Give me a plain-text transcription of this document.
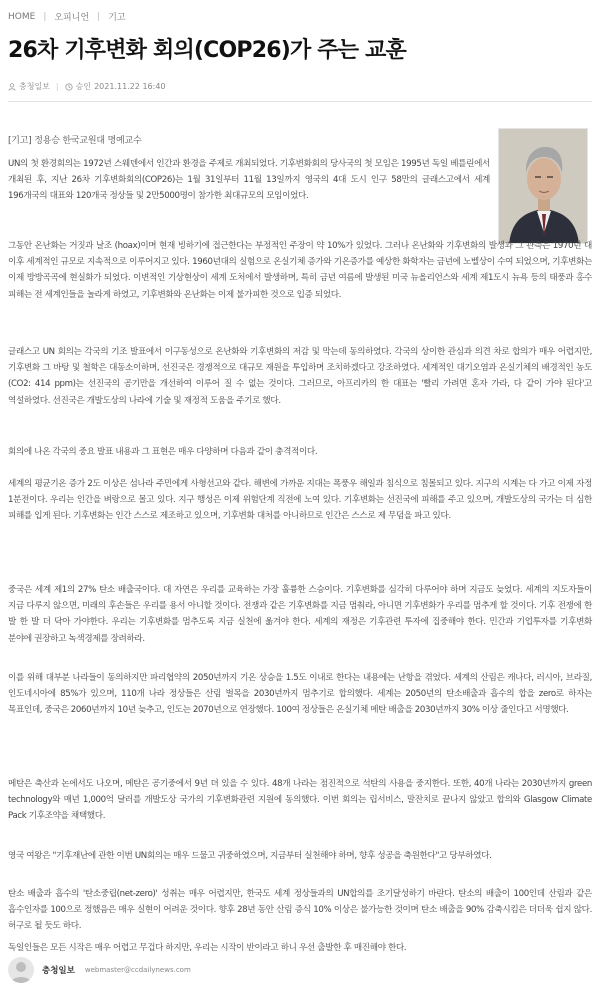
HOME | 오피니언 | 기고
26차 기후변화 회의(COP26)가 주는 교훈
충청일보 | 승인 2021.11.22 16:40
[기고] 정용승 한국교원대 명예교수

UN의 첫 환경회의는 1972년 스웨덴에서 인간과 환경을 주제로 개최되었다. 기후변화회의 당사국의 첫 모임은 1995년 독일 베를린에서 개최된 후, 지난 26차 기후변화회의(COP26)는 1월 31일부터 11월 13일까지 영국의 4대 도시 인구 58만의 글래스고에서 세계 196개국의 대표와 120개국 정상들 및 2만5000명이 참가한 최대규모의 모임이었다.

그동안 온난화는 거짓과 날조 (hoax)이며 현재 빙하기에 접근한다는 부정적인 주장이 약 10%가 있었다. 그러나 온난화와 기후변화의 발생과 그 관측은 1970년 대 이후 세계적인 규모로 지속적으로 이루어지고 있다. 1960년대의 실험으로 온실기체 증가와 기온증가를 예상한 화학자는 금년에 노벨상이 수여 되었으며, 기후변화는 이제 방방곡곡에 현실화가 되었다. 이변적인 기상현상이 세계 도처에서 발생하며, 특히 금년 여름에 발생된 미국 뉴올리언스와 세계 제1도시 뉴욕 등의 태풍과 홍수 피해는 전 세계인들을 놀라게 하였고, 기후변화와 온난화는 이제 불가피한 것으로 입증 되었다.

글래스고 UN 회의는 각국의 기조 발표에서 이구동성으로 온난화와 기후변화의 저감 및 막는데 동의하였다. 각국의 상이한 관심과 의견 차로 합의가 매우 어렵지만, 기후변화 그 바탕 및 철학은 대동소이하며, 선진국은 경쟁적으로 대규모 재원을 투입하며 조치하겠다고 강조하였다. 세계적인 대기오염과 온실기체의 배경적인 농도 (CO2: 414 ppm)는 선진국의 공기만을 개선하여 이루어 질 수 없는 것이다. 그러므로, 아프리카의 한 대표는 '빨리 가려면 혼자 가라, 다 같이 가야 된다'고 역설하였다. 선진국은 개발도상의 나라에 기술 및 재정적 도움을 주기로 했다.

회의에 나온 각국의 중요 발표 내용과 그 표현은 매우 다양하며 다음과 같이 충격적이다.

세계의 평균기온 증가 2도 이상은 섬나라 주민에게 사형선고와 같다. 해변에 가까운 지대는 폭풍우 해일과 침식으로 침몰되고 있다. 지구의 시계는 다 가고 이제 자정 1분전이다. 우리는 인간을 벼랑으로 몰고 있다. 지구 행성은 이제 위험단계 직전에 노여 있다. 기후변화는 선진국에 피해를 주고 있으며, 개발도상의 국가는 더 심한 피해를 입게 된다. 기후변화는 인간 스스로 제조하고 있으며, 기후변화 대처를 아니하므로 인간은 스스로 제 무덤을 파고 있다.

중국은 세계 제1의 27% 탄소 배출국이다. 대 자연은 우리를 교육하는 가장 훌륭한 스승이다. 기후변화를 심각히 다루어야 하며 지금도 늦었다. 세계의 지도자들이 지금 다루지 않으면, 미래의 후손들은 우리를 용서 아니할 것이다. 전쟁과 같은 기후변화를 지금 멈춰라, 아니면 기후변화가 우리를 멈추게 할 것이다. 기후 전쟁에 한 발 한 발 더 닥아 가야한다. 우리는 기후변화를 멈추도록 지금 실천에 옮겨야 한다. 세계의 재정은 기후관련 투자에 집중해야 한다. 민간과 기업투자를 기후변화 분야에 권장하고 녹색경제를 장려하라.

이를 위해 대부분 나라들이 동의하지만 파리협약의 2050년까지 기온 상승을 1.5도 이내로 한다는 내용에는 난항을 겪었다. 세계의 산림은 캐나다, 러시아, 브라질, 인도네시아에 85%가 있으며, 110개 나라 정상들은 산림 벌목을 2030년까지 멈추기로 합의했다. 세계는 2050년의 탄소배출과 흡수의 합을 zero로 하자는 목표인데, 중국은 2060년까지 10년 늦추고, 인도는 2070년으로 연장했다. 100여 정상들은 온실기체 메탄 배출을 2030년까지 30% 이상 줄인다고 서명했다.

메탄은 축산과 논에서도 나오며, 메탄은 공기중에서 9년 뎌 있을 수 있다. 48개 나라는 점진적으로 석탄의 사용을 중지한다. 또한, 40개 나라는 2030년까지 green technology와 매년 1,000억 달러를 개발도상 국가의 기후변화관련 지원에 동의했다. 이번 회의는 립서비스, 말잔치로 끝나지 않았고 합의와 Glasgow Climate Pack 기후조약을 채택했다.

영국 여왕은 "기후재난에 관한 이번 UN회의는 매우 드물고 귀중하였으며, 지금부터 실천해야 하며, 향후 성공을 축원한다"고 당부하였다.

탄소 배출과 흡수의 '탄소중립(net-zero)' 성취는 매우 어렵지만, 한국도 세계 정상들과의 UN합의를 조기달성하기 바란다. 탄소의 배출이 100인데 산림과 같은 흡수인자를 100으로 정했음은 매우 실현이 어려운 것이다. 향후 28년 동안 산림 증식 10% 이상은 불가능한 것이며 탄소 배출을 90% 감축시킴은 더더욱 쉽지 않다. 허구로 될 듯도 하다.

독일인들은 모든 시작은 매우 어렵고 무겁다 하지만, 우리는 시작이 반이라고 하니 우선 출발한 후 매진해야 한다.

충청일보 webmaster@ccdailynews.com
